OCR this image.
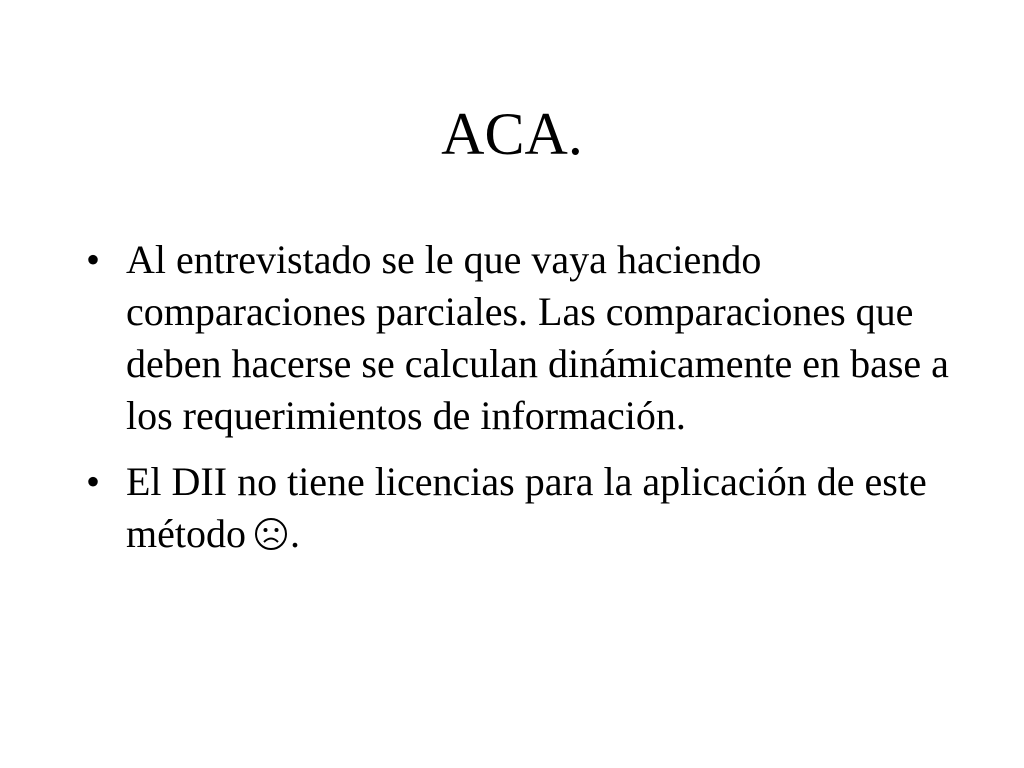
ACA.
• Al entrevistado se le que vaya haciendo comparaciones parciales. Las comparaciones que deben hacerse se calculan dinámicamente en base a los requerimientos de información.
• El DII no tiene licencias para la aplicación de este método .
